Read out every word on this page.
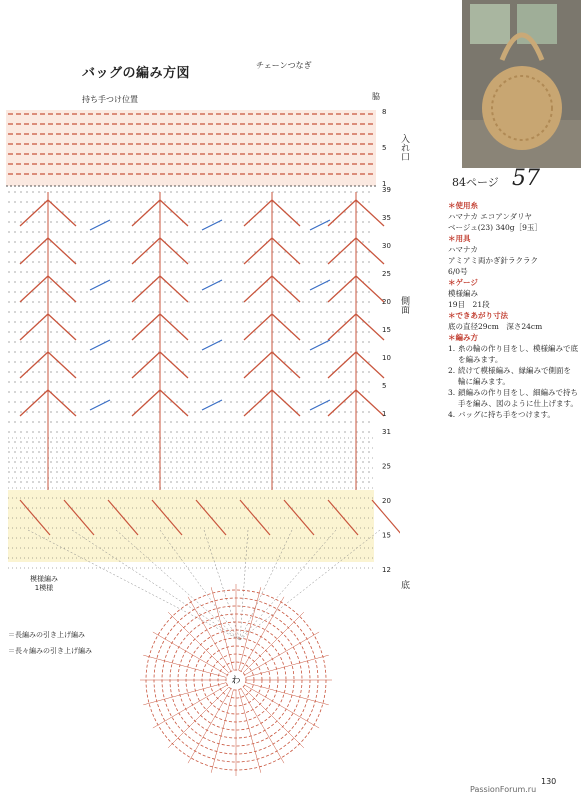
バッグの編み方図
チェーンつなぎ
持ち手つけ位置	脇
入れ口
側面
底
8
5
1
39
35
30
25
20
15
10
5
1
31
25
20
15
12
わ
模様編み
1模様
＝長編みの引き上げ編み
＝長々編みの引き上げ編み
84ページ 57
＊使用糸
ハマナカ エコアンダリヤ
ベージュ(23) 340g［9玉］
＊用具
ハマナカ
アミアミ両かぎ針ラクラク
6/0号
＊ゲージ
模様編み
19目　21段
＊できあがり寸法
底の直径29cm　深さ24cm
＊編み方
1. 糸の輪の作り目をし、模様編みで底を編みます。
2. 続けて模様編み、縁編みで側面を輪に編みます。
3. 鎖編みの作り目をし、細編みで持ち手を編み、図のように仕上げます。
4. バッグに持ち手をつけます。
130
PassionForum.ru
